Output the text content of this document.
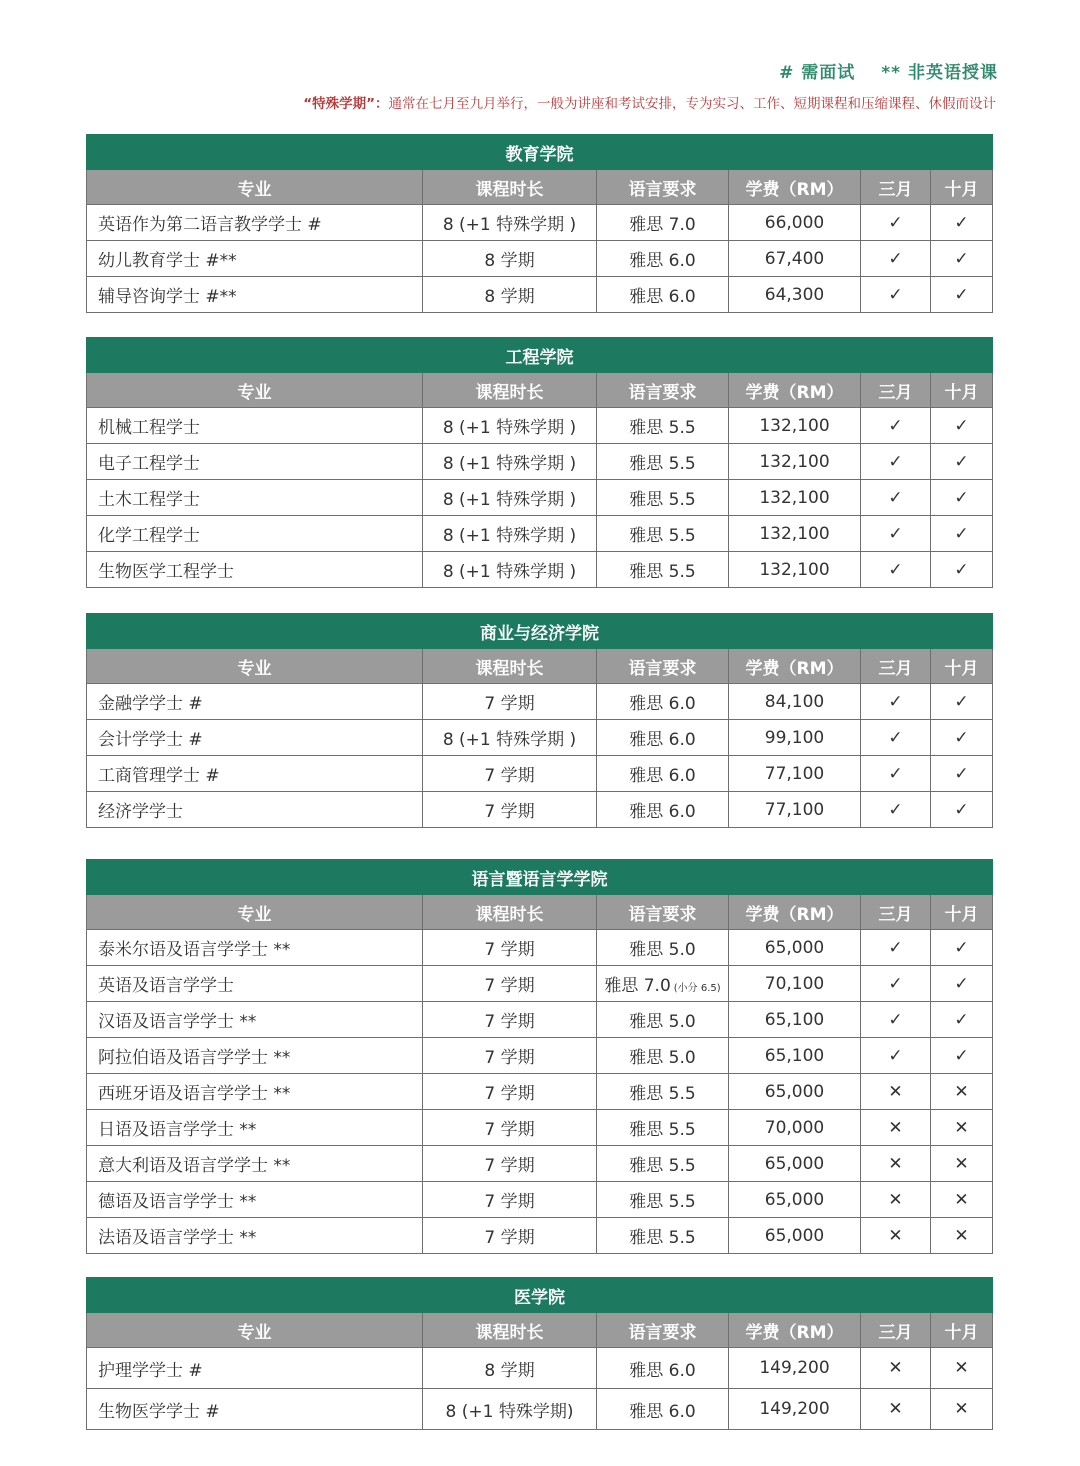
# 需面试 ** 非英语授课
“特殊学期”：通常在七月至九月举行，一般为讲座和考试安排，专为实习、工作、短期课程和压缩课程、休假而设计
教育学院					
专业	课程时长	语言要求	学费（RM）	三月	十月
英语作为第二语言教学学士 #	8 (+1 特殊学期 )	雅思 7.0	66,000	✓	✓
幼儿教育学士 #**	8 学期	雅思 6.0	67,400	✓	✓
辅导咨询学士 #**	8 学期	雅思 6.0	64,300	✓	✓
工程学院					
专业	课程时长	语言要求	学费（RM）	三月	十月
机械工程学士	8 (+1 特殊学期 )	雅思 5.5	132,100	✓	✓
电子工程学士	8 (+1 特殊学期 )	雅思 5.5	132,100	✓	✓
土木工程学士	8 (+1 特殊学期 )	雅思 5.5	132,100	✓	✓
化学工程学士	8 (+1 特殊学期 )	雅思 5.5	132,100	✓	✓
生物医学工程学士	8 (+1 特殊学期 )	雅思 5.5	132,100	✓	✓
商业与经济学院					
专业	课程时长	语言要求	学费（RM）	三月	十月
金融学学士 #	7 学期	雅思 6.0	84,100	✓	✓
会计学学士 #	8 (+1 特殊学期 )	雅思 6.0	99,100	✓	✓
工商管理学士 #	7 学期	雅思 6.0	77,100	✓	✓
经济学学士	7 学期	雅思 6.0	77,100	✓	✓
语言暨语言学学院					
专业	课程时长	语言要求	学费（RM）	三月	十月
泰米尔语及语言学学士 **	7 学期	雅思 5.0	65,000	✓	✓
英语及语言学学士	7 学期	雅思 7.0 (小分 6.5)	70,100	✓	✓
汉语及语言学学士 **	7 学期	雅思 5.0	65,100	✓	✓
阿拉伯语及语言学学士 **	7 学期	雅思 5.0	65,100	✓	✓
西班牙语及语言学学士 **	7 学期	雅思 5.5	65,000	✕	✕
日语及语言学学士 **	7 学期	雅思 5.5	70,000	✕	✕
意大利语及语言学学士 **	7 学期	雅思 5.5	65,000	✕	✕
德语及语言学学士 **	7 学期	雅思 5.5	65,000	✕	✕
法语及语言学学士 **	7 学期	雅思 5.5	65,000	✕	✕
医学院					
专业	课程时长	语言要求	学费（RM）	三月	十月
护理学学士 #	8 学期	雅思 6.0	149,200	✕	✕
生物医学学士 #	8 (+1 特殊学期)	雅思 6.0	149,200	✕	✕
